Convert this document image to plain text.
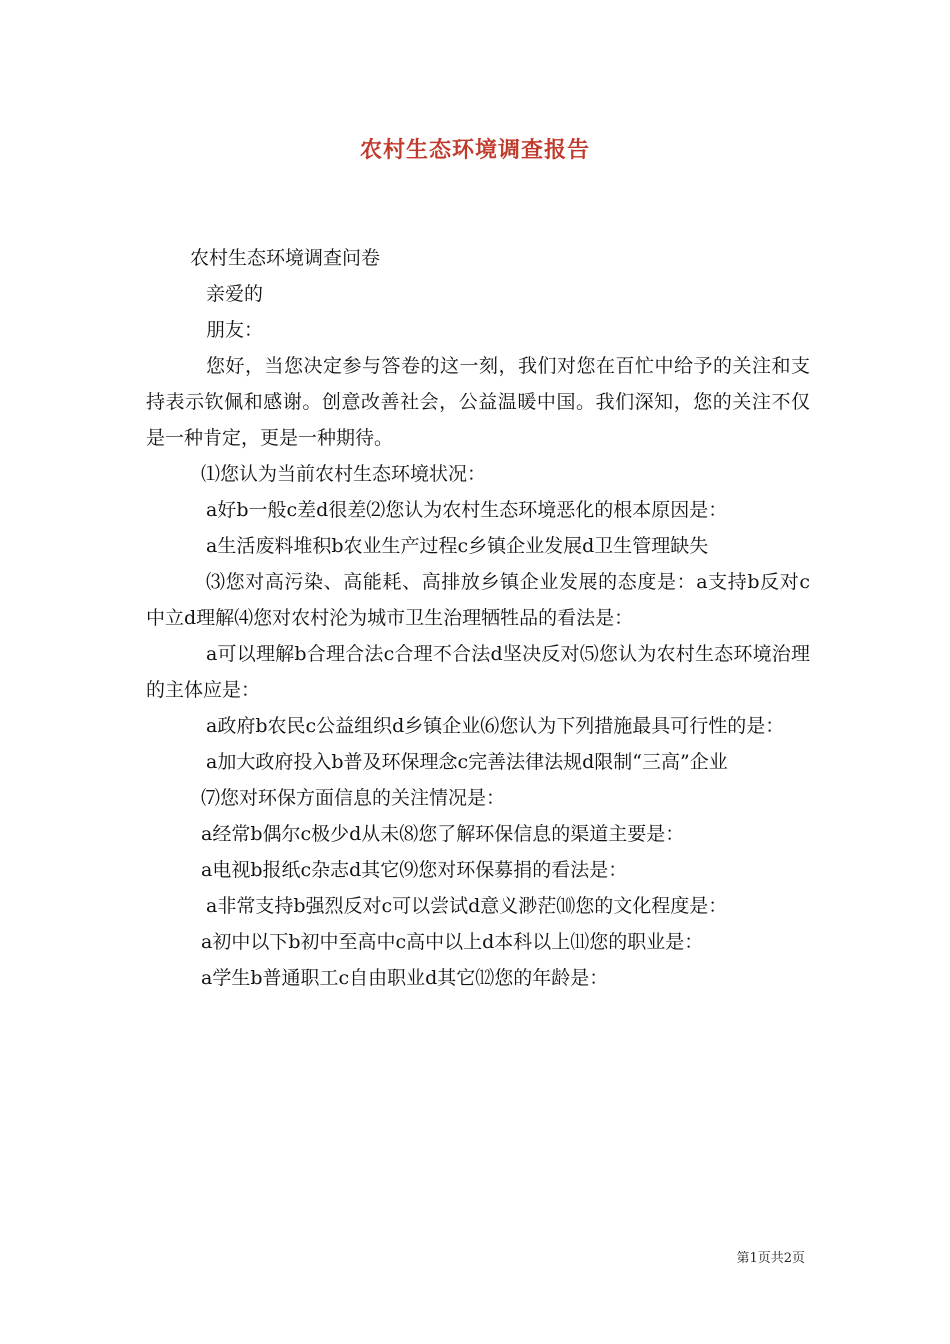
农村生态环境调查报告

农村生态环境调查问卷

亲爱的

朋友：

您好，当您决定参与答卷的这一刻，我们对您在百忙中给予的关注和支持表示钦佩和感谢。创意改善社会，公益温暖中国。我们深知，您的关注不仅是一种肯定，更是一种期待。

⑴您认为当前农村生态环境状况：

a好b一般c差d很差⑵您认为农村生态环境恶化的根本原因是：

a生活废料堆积b农业生产过程c乡镇企业发展d卫生管理缺失

⑶您对高污染、高能耗、高排放乡镇企业发展的态度是：a支持b反对c中立d理解⑷您对农村沦为城市卫生治理牺牲品的看法是：

a可以理解b合理合法c合理不合法d坚决反对⑸您认为农村生态环境治理的主体应是：

a政府b农民c公益组织d乡镇企业⑹您认为下列措施最具可行性的是：

a加大政府投入b普及环保理念c完善法律法规d限制“三高”企业

⑺您对环保方面信息的关注情况是：

a经常b偶尔c极少d从未⑻您了解环保信息的渠道主要是：

a电视b报纸c杂志d其它⑼您对环保募捐的看法是：

a非常支持b强烈反对c可以尝试d意义渺茫⑽您的文化程度是：

a初中以下b初中至高中c高中以上d本科以上⑾您的职业是：

a学生b普通职工c自由职业d其它⑿您的年龄是：

第1页共2页
